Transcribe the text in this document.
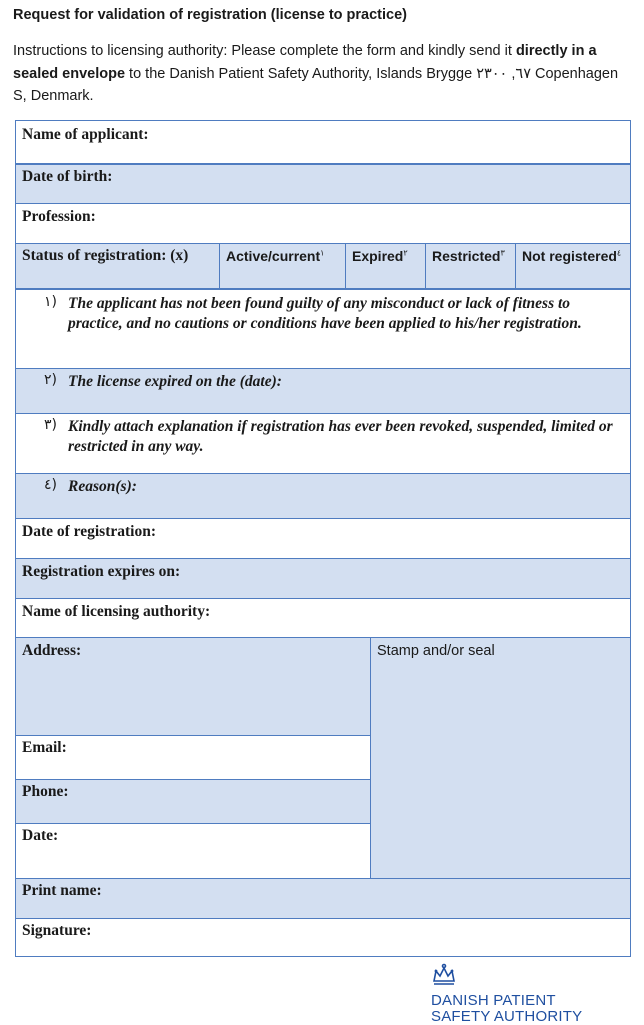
Request for validation of registration (license to practice)
Instructions to licensing authority: Please complete the form and kindly send it directly in a sealed envelope to the Danish Patient Safety Authority, Islands Brygge ٦٧, ٢٣٠٠ Copenhagen S, Denmark.
Name of applicant:
Date of birth:
Profession:
Status of registration: (x)	Active/current$^١$	Expired$^٢$	Restricted$^٣$	Not registered$^٤$
١) The applicant has not been found guilty of any misconduct or lack of fitness to practice, and no cautions or conditions have been applied to his/her registration.
٢) The license expired on the (date):
٣) Kindly attach explanation if registration has ever been revoked, suspended, limited or restricted in any way.
٤) Reason(s):
Date of registration:
Registration expires on:
Name of licensing authority:
Address:
Email:
Phone:
Date:
Stamp and/or seal
Print name:
Signature:
DANISH PATIENT
SAFETY AUTHORITY
